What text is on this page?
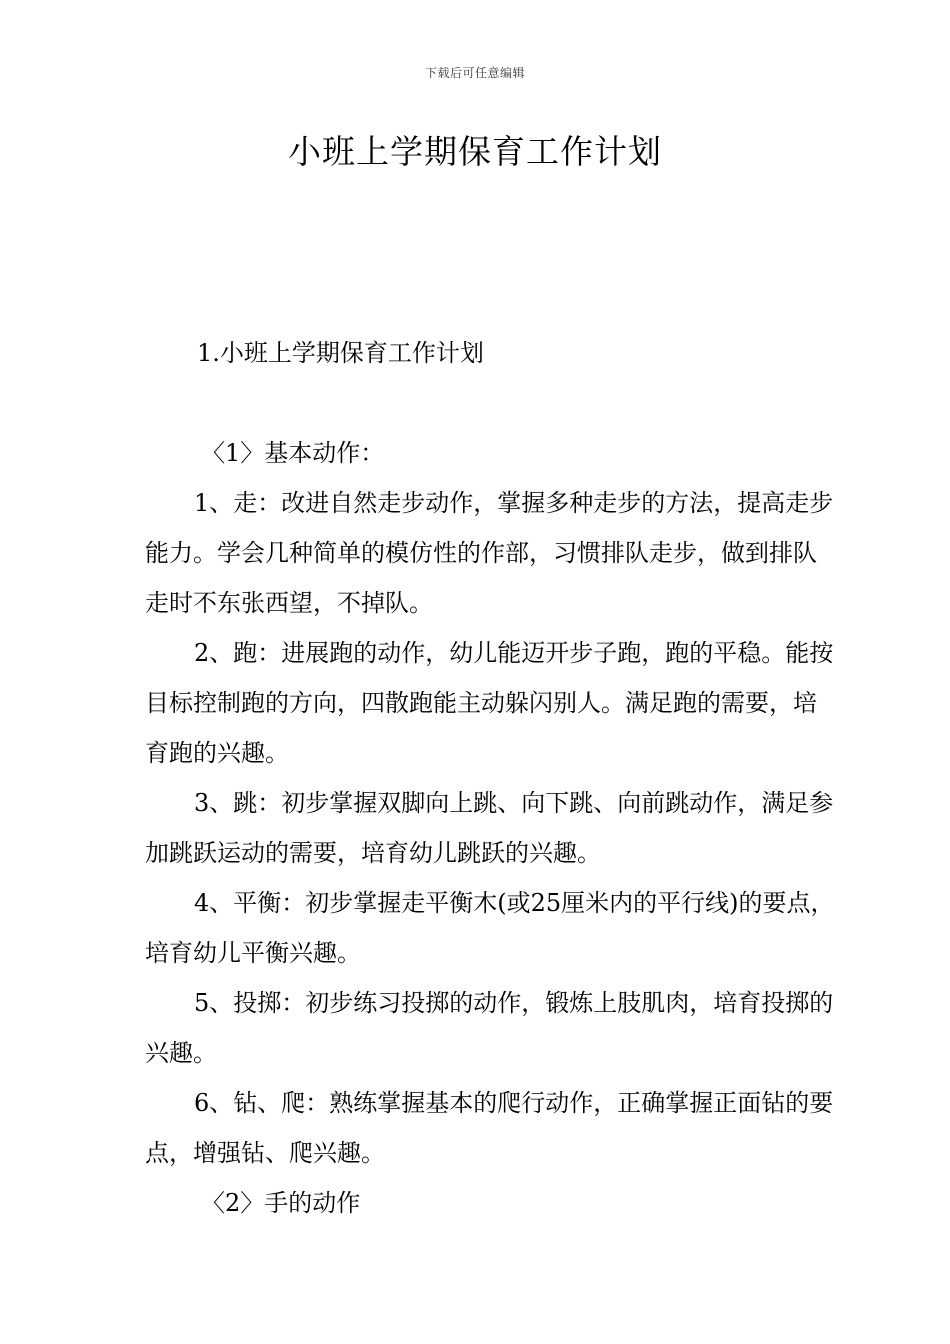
下载后可任意编辑
小班上学期保育工作计划
1.小班上学期保育工作计划

〈1〉基本动作：

1、走：改进自然走步动作，掌握多种走步的方法，提高走步能力。学会几种简单的模仿性的作部，习惯排队走步，做到排队走时不东张西望，不掉队。

2、跑：进展跑的动作，幼儿能迈开步子跑，跑的平稳。能按目标控制跑的方向，四散跑能主动躲闪别人。满足跑的需要，培育跑的兴趣。

3、跳：初步掌握双脚向上跳、向下跳、向前跳动作，满足参加跳跃运动的需要，培育幼儿跳跃的兴趣。

4、平衡：初步掌握走平衡木(或25厘米内的平行线)的要点，培育幼儿平衡兴趣。

5、投掷：初步练习投掷的动作，锻炼上肢肌肉，培育投掷的兴趣。

6、钻、爬：熟练掌握基本的爬行动作，正确掌握正面钻的要点，增强钻、爬兴趣。

〈2〉手的动作
